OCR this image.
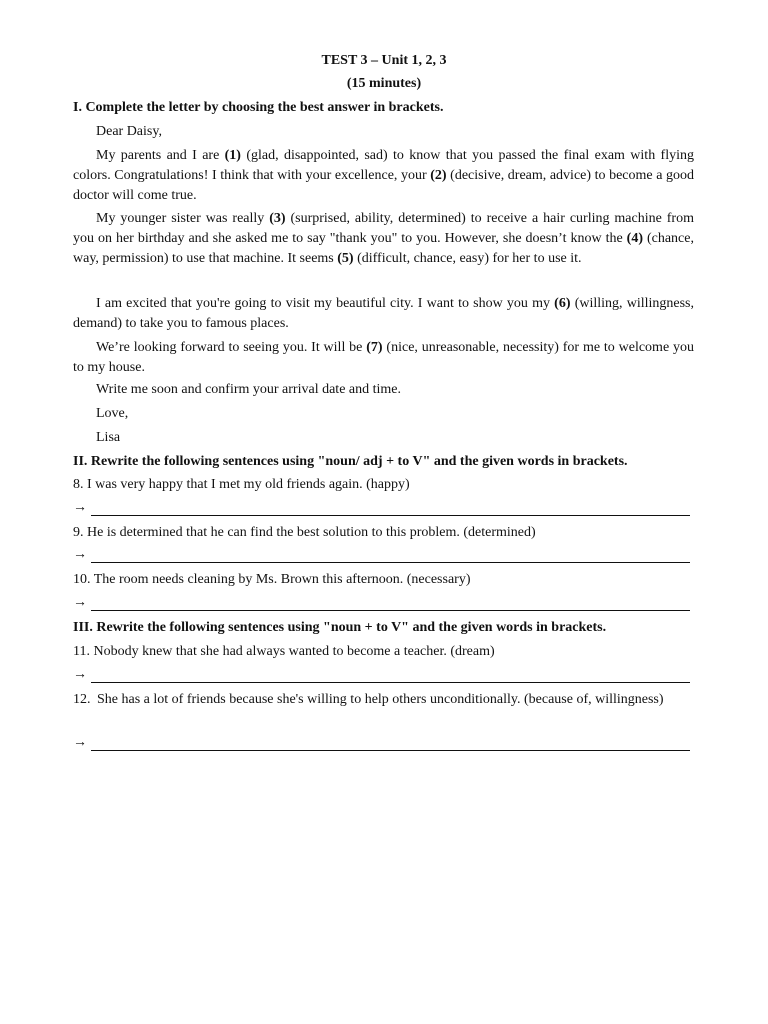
TEST 3 – Unit 1, 2, 3
(15 minutes)
I. Complete the letter by choosing the best answer in brackets.
Dear Daisy,

My parents and I are (1) (glad, disappointed, sad) to know that you passed the final exam with flying colors. Congratulations! I think that with your excellence, your (2) (decisive, dream, advice) to become a good doctor will come true.

My younger sister was really (3) (surprised, ability, determined) to receive a hair curling machine from you on her birthday and she asked me to say "thank you" to you. However, she doesn’t know the (4) (chance, way, permission) to use that machine. It seems (5) (difficult, chance, easy) for her to use it.

I am excited that you're going to visit my beautiful city. I want to show you my (6) (willing, willingness, demand) to take you to famous places.

We’re looking forward to seeing you. It will be (7) (nice, unreasonable, necessity) for me to welcome you to my house.

Write me soon and confirm your arrival date and time.
Love,
Lisa
II. Rewrite the following sentences using "noun/ adj + to V" and the given words in brackets.
8. I was very happy that I met my old friends again. (happy)
→
9. He is determined that he can find the best solution to this problem. (determined)
→
10. The room needs cleaning by Ms. Brown this afternoon. (necessary)
→
III. Rewrite the following sentences using "noun + to V" and the given words in brackets.
11. Nobody knew that she had always wanted to become a teacher. (dream)
→
12. She has a lot of friends because she's willing to help others unconditionally. (because of, willingness)
→
